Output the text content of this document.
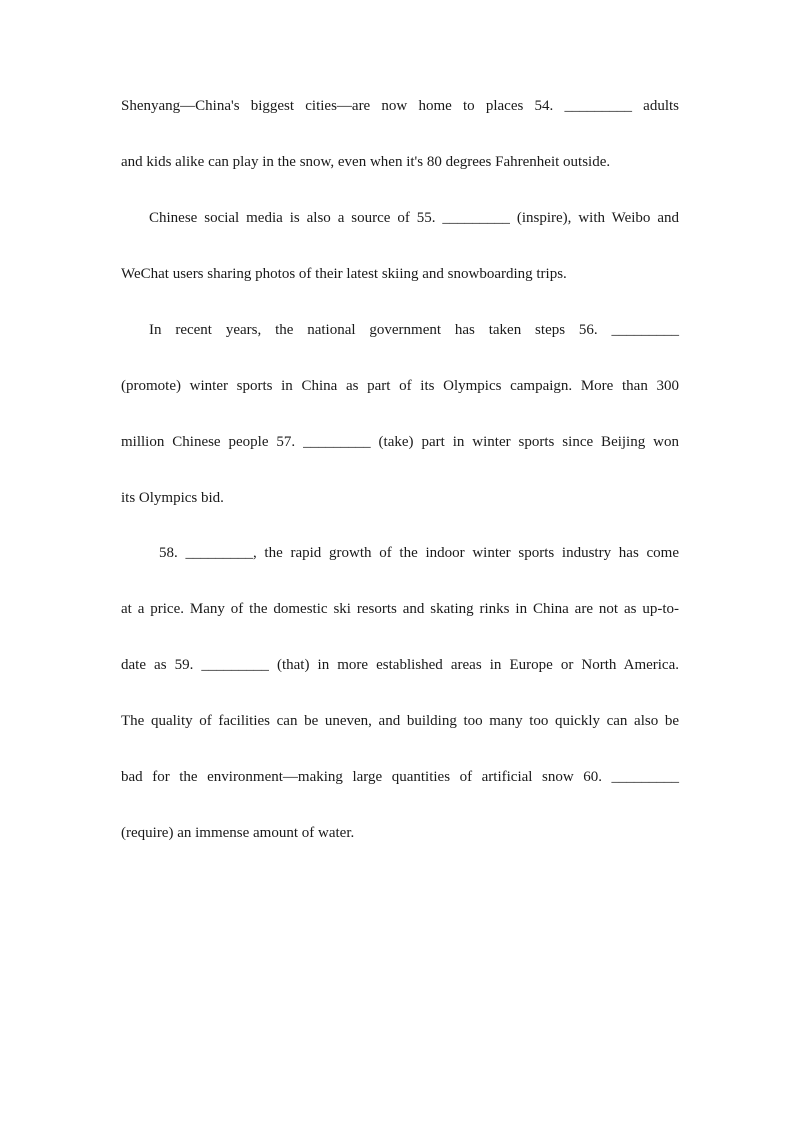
Shenyang—China's biggest cities—are now home to places 54. _________ adults
and kids alike can play in the snow, even when it's 80 degrees Fahrenheit outside.
Chinese social media is also a source of 55. _________ (inspire), with Weibo and
WeChat users sharing photos of their latest skiing and snowboarding trips.
In recent years, the national government has taken steps 56. _________
(promote) winter sports in China as part of its Olympics campaign. More than 300
million Chinese people 57. _________ (take) part in winter sports since Beijing won
its Olympics bid.
58. _________, the rapid growth of the indoor winter sports industry has come
at a price. Many of the domestic ski resorts and skating rinks in China are not as up-to-
date as 59. _________ (that) in more established areas in Europe or North America.
The quality of facilities can be uneven, and building too many too quickly can also be
bad for the environment—making large quantities of artificial snow 60. _________
(require) an immense amount of water.
